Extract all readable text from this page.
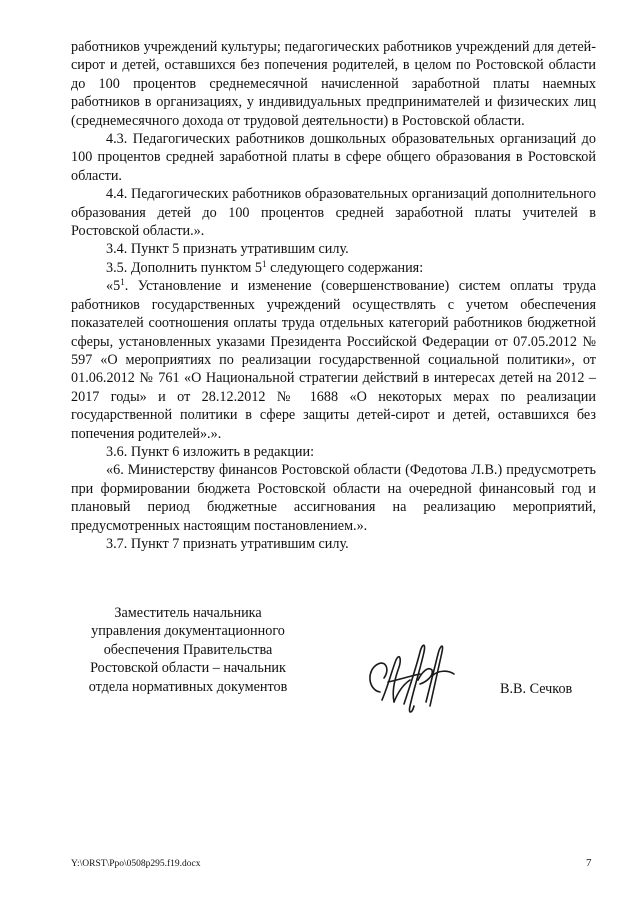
работников учреждений культуры; педагогических работников учреждений для детей-сирот и детей, оставшихся без попечения родителей, в целом по Ростовской области до 100 процентов среднемесячной начисленной заработной платы наемных работников в организациях, у индивидуальных предпринимателей и физических лиц (среднемесячного дохода от трудовой деятельности) в Ростовской области.

4.3. Педагогических работников дошкольных образовательных организаций до 100 процентов средней заработной платы в сфере общего образования в Ростовской области.

4.4. Педагогических работников образовательных организаций дополнительного образования детей до 100 процентов средней заработной платы учителей в Ростовской области.».

3.4. Пункт 5 признать утратившим силу.

3.5. Дополнить пунктом $5^1$ следующего содержания:

«$5^1$. Установление и изменение (совершенствование) систем оплаты труда работников государственных учреждений осуществлять с учетом обеспечения показателей соотношения оплаты труда отдельных категорий работников бюджетной сферы, установленных указами Президента Российской Федерации от 07.05.2012 № 597 «О мероприятиях по реализации государственной социальной политики», от 01.06.2012 № 761 «О Национальной стратегии действий в интересах детей на 2012 – 2017 годы» и от 28.12.2012 № 1688 «О некоторых мерах по реализации государственной политики в сфере защиты детей-сирот и детей, оставшихся без попечения родителей».».

3.6. Пункт 6 изложить в редакции:

«6. Министерству финансов Ростовской области (Федотова Л.В.) предусмотреть при формировании бюджета Ростовской области на очередной финансовый год и плановый период бюджетные ассигнования на реализацию мероприятий, предусмотренных настоящим постановлением.».

3.7. Пункт 7 признать утратившим силу.

Заместитель начальника
управления документационного
обеспечения Правительства
Ростовской области – начальник
отдела нормативных документов	В.В. Сечков
Y:\ORST\Ppo\0508p295.f19.docx	7
